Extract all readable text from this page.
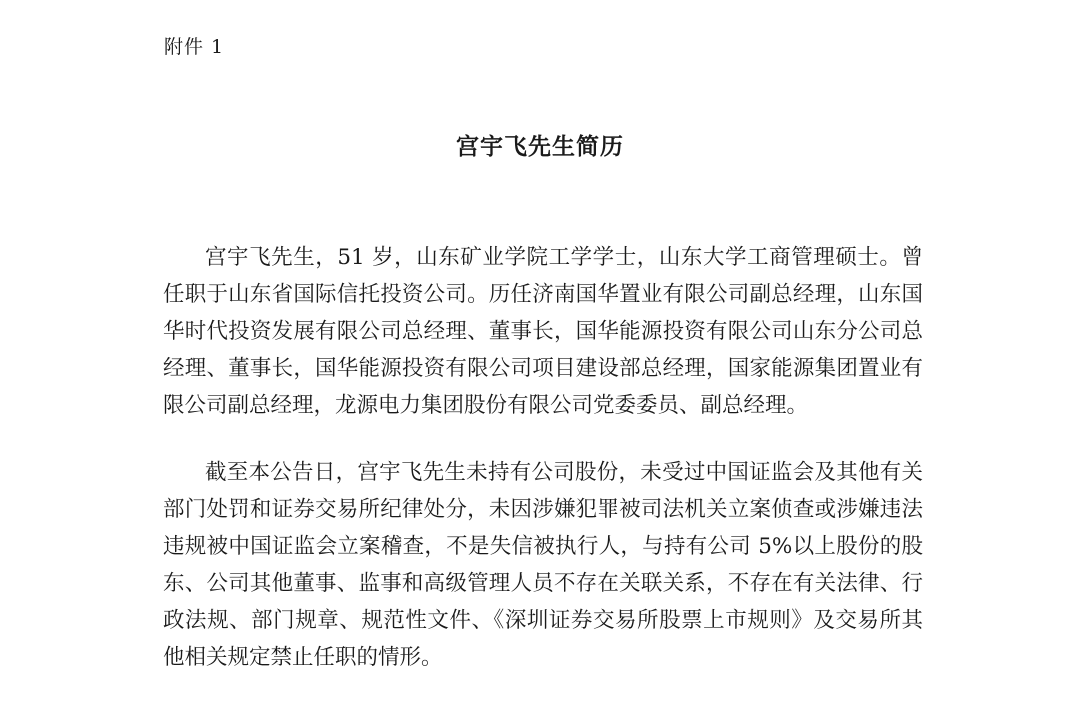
附件 1
宫宇飞先生简历
宫宇飞先生，51 岁，山东矿业学院工学学士，山东大学工商管理硕士。曾
任职于山东省国际信托投资公司。历任济南国华置业有限公司副总经理，山东国
华时代投资发展有限公司总经理、董事长，国华能源投资有限公司山东分公司总
经理、董事长，国华能源投资有限公司项目建设部总经理，国家能源集团置业有
限公司副总经理，龙源电力集团股份有限公司党委委员、副总经理。
截至本公告日，宫宇飞先生未持有公司股份，未受过中国证监会及其他有关
部门处罚和证券交易所纪律处分，未因涉嫌犯罪被司法机关立案侦查或涉嫌违法
违规被中国证监会立案稽查，不是失信被执行人，与持有公司 5%以上股份的股
东、公司其他董事、监事和高级管理人员不存在关联关系，不存在有关法律、行
政法规、部门规章、规范性文件、《深圳证券交易所股票上市规则》及交易所其
他相关规定禁止任职的情形。
